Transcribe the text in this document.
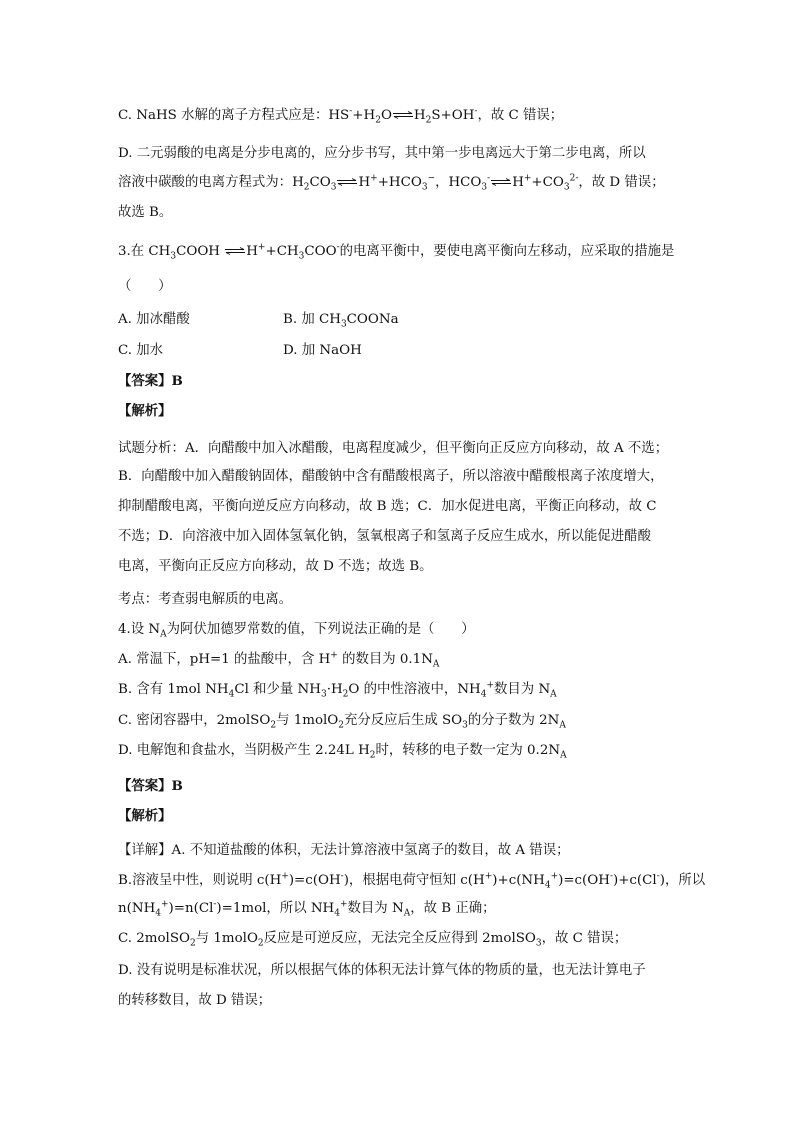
C. NaHS 水解的离子方程式应是：$HS^-+H_2O\rightleftharpoons H_2S+OH^-$，故 C 错误；
D. 二元弱酸的电离是分步电离的，应分步书写，其中第一步电离远大于第二步电离，所以
溶液中碳酸的电离方程式为：$H_2CO_3$ $\rightleftharpoons H^++HCO_3^-$，$HCO_3^-\rightleftharpoons H^++CO_3^{2-}$，故 D 错误；
故选 B。
3.在 $CH_3COOH$ $\rightleftharpoons H^++CH_3COO^-$的电离平衡中，要使电离平衡向左移动，应采取的措施是
（　　）
A. 加冰醋酸	B. 加 $CH_3COONa$
C. 加水	D. 加 NaOH
【答案】B
【解析】
试题分析：A．向醋酸中加入冰醋酸，电离程度减少，但平衡向正反应方向移动，故 A 不选；
B．向醋酸中加入醋酸钠固体，醋酸钠中含有醋酸根离子，所以溶液中醋酸根离子浓度增大，
抑制醋酸电离，平衡向逆反应方向移动，故 B 选；C．加水促进电离，平衡正向移动，故 C
不选；D．向溶液中加入固体氢氧化钠，氢氧根离子和氢离子反应生成水，所以能促进醋酸
电离，平衡向正反应方向移动，故 D 不选；故选 B。
考点：考查弱电解质的电离。
4.设 $N_A$为阿伏加德罗常数的值，下列说法正确的是（　　）
A. 常温下，pH=1 的盐酸中，含 H+ 的数目为 $0.1N_A$
B. 含有 1mol $NH_4Cl$ 和少量 $NH_3\cdot H_2O$ 的中性溶液中，$NH_4^+$数目为 $N_A$
C. 密闭容器中，2molSO$_2$与 1molO$_2$充分反应后生成 $SO_3$的分子数为 $2N_A$
D. 电解饱和食盐水，当阴极产生 2.24L $H_2$时，转移的电子数一定为 $0.2N_A$
【答案】B
【解析】
【详解】A. 不知道盐酸的体积，无法计算溶液中氢离子的数目，故 A 错误；
B.溶液呈中性，则说明 c(H+)=c(OH-)，根据电荷守恒知 $c(H^+)+c(NH_4^+)=c(OH^-)+c(Cl^-)$，所以
$n(NH_4^+)=n(Cl^-)=1mol$，所以 $NH_4^+$数目为 $N_A$，故 B 正确；
C. 2molSO$_2$与 1molO$_2$反应是可逆反应，无法完全反应得到 2molSO$_3$，故 C 错误；
D. 没有说明是标准状况，所以根据气体的体积无法计算气体的物质的量，也无法计算电子
的转移数目，故 D 错误；
